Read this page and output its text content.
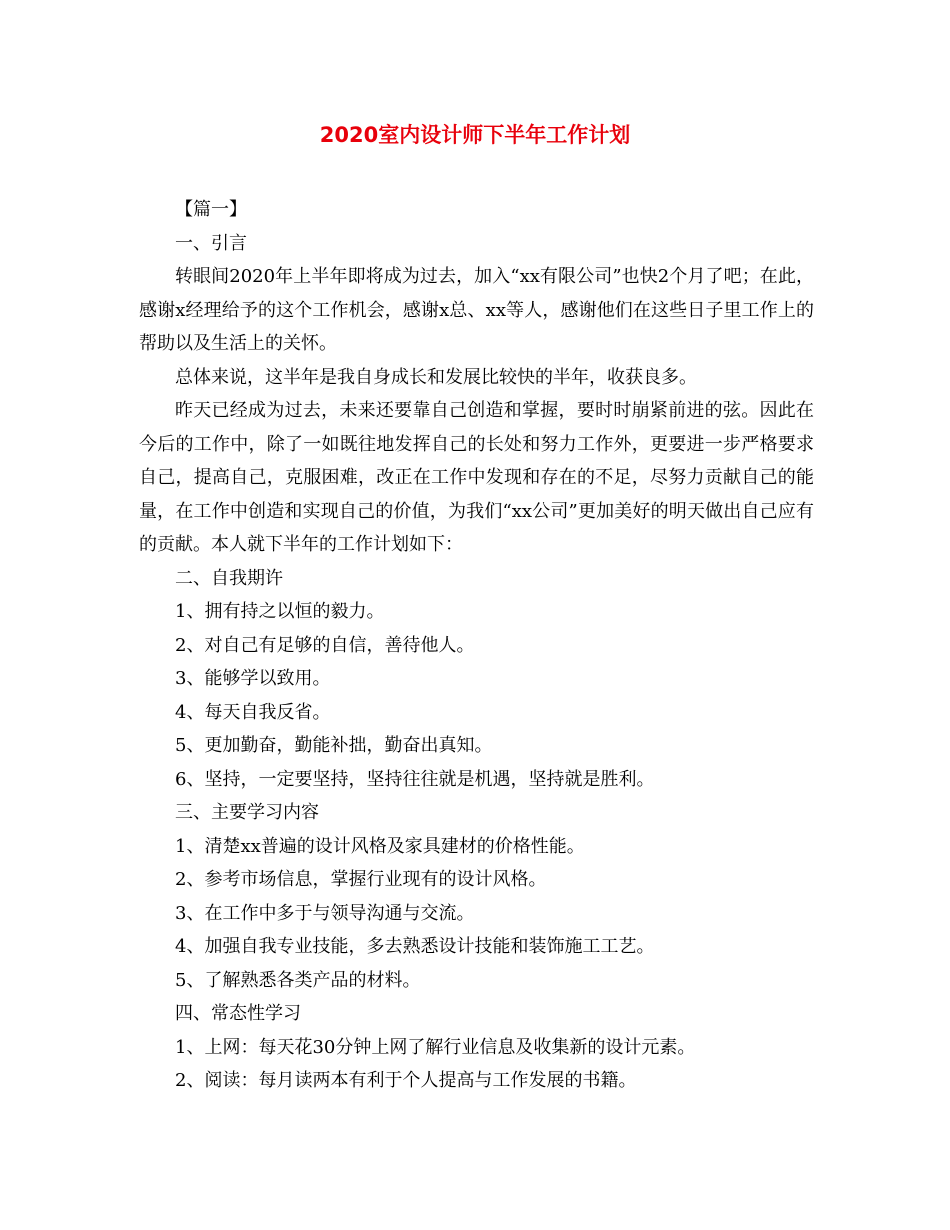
2020室内设计师下半年工作计划

【篇一】

一、引言

转眼间2020年上半年即将成为过去，加入“xx有限公司”也快2个月了吧；在此，感谢x经理给予的这个工作机会，感谢x总、xx等人，感谢他们在这些日子里工作上的帮助以及生活上的关怀。

总体来说，这半年是我自身成长和发展比较快的半年，收获良多。

昨天已经成为过去，未来还要靠自己创造和掌握，要时时崩紧前进的弦。因此在今后的工作中，除了一如既往地发挥自己的长处和努力工作外，更要进一步严格要求自己，提高自己，克服困难，改正在工作中发现和存在的不足，尽努力贡献自己的能量，在工作中创造和实现自己的价值，为我们“xx公司”更加美好的明天做出自己应有的贡献。本人就下半年的工作计划如下：

二、自我期许

1、拥有持之以恒的毅力。

2、对自己有足够的自信，善待他人。

3、能够学以致用。

4、每天自我反省。

5、更加勤奋，勤能补拙，勤奋出真知。

6、坚持，一定要坚持，坚持往往就是机遇，坚持就是胜利。

三、主要学习内容

1、清楚xx普遍的设计风格及家具建材的价格性能。

2、参考市场信息，掌握行业现有的设计风格。

3、在工作中多于与领导沟通与交流。

4、加强自我专业技能，多去熟悉设计技能和装饰施工工艺。

5、了解熟悉各类产品的材料。

四、常态性学习

1、上网：每天花30分钟上网了解行业信息及收集新的设计元素。

2、阅读：每月读两本有利于个人提高与工作发展的书籍。
